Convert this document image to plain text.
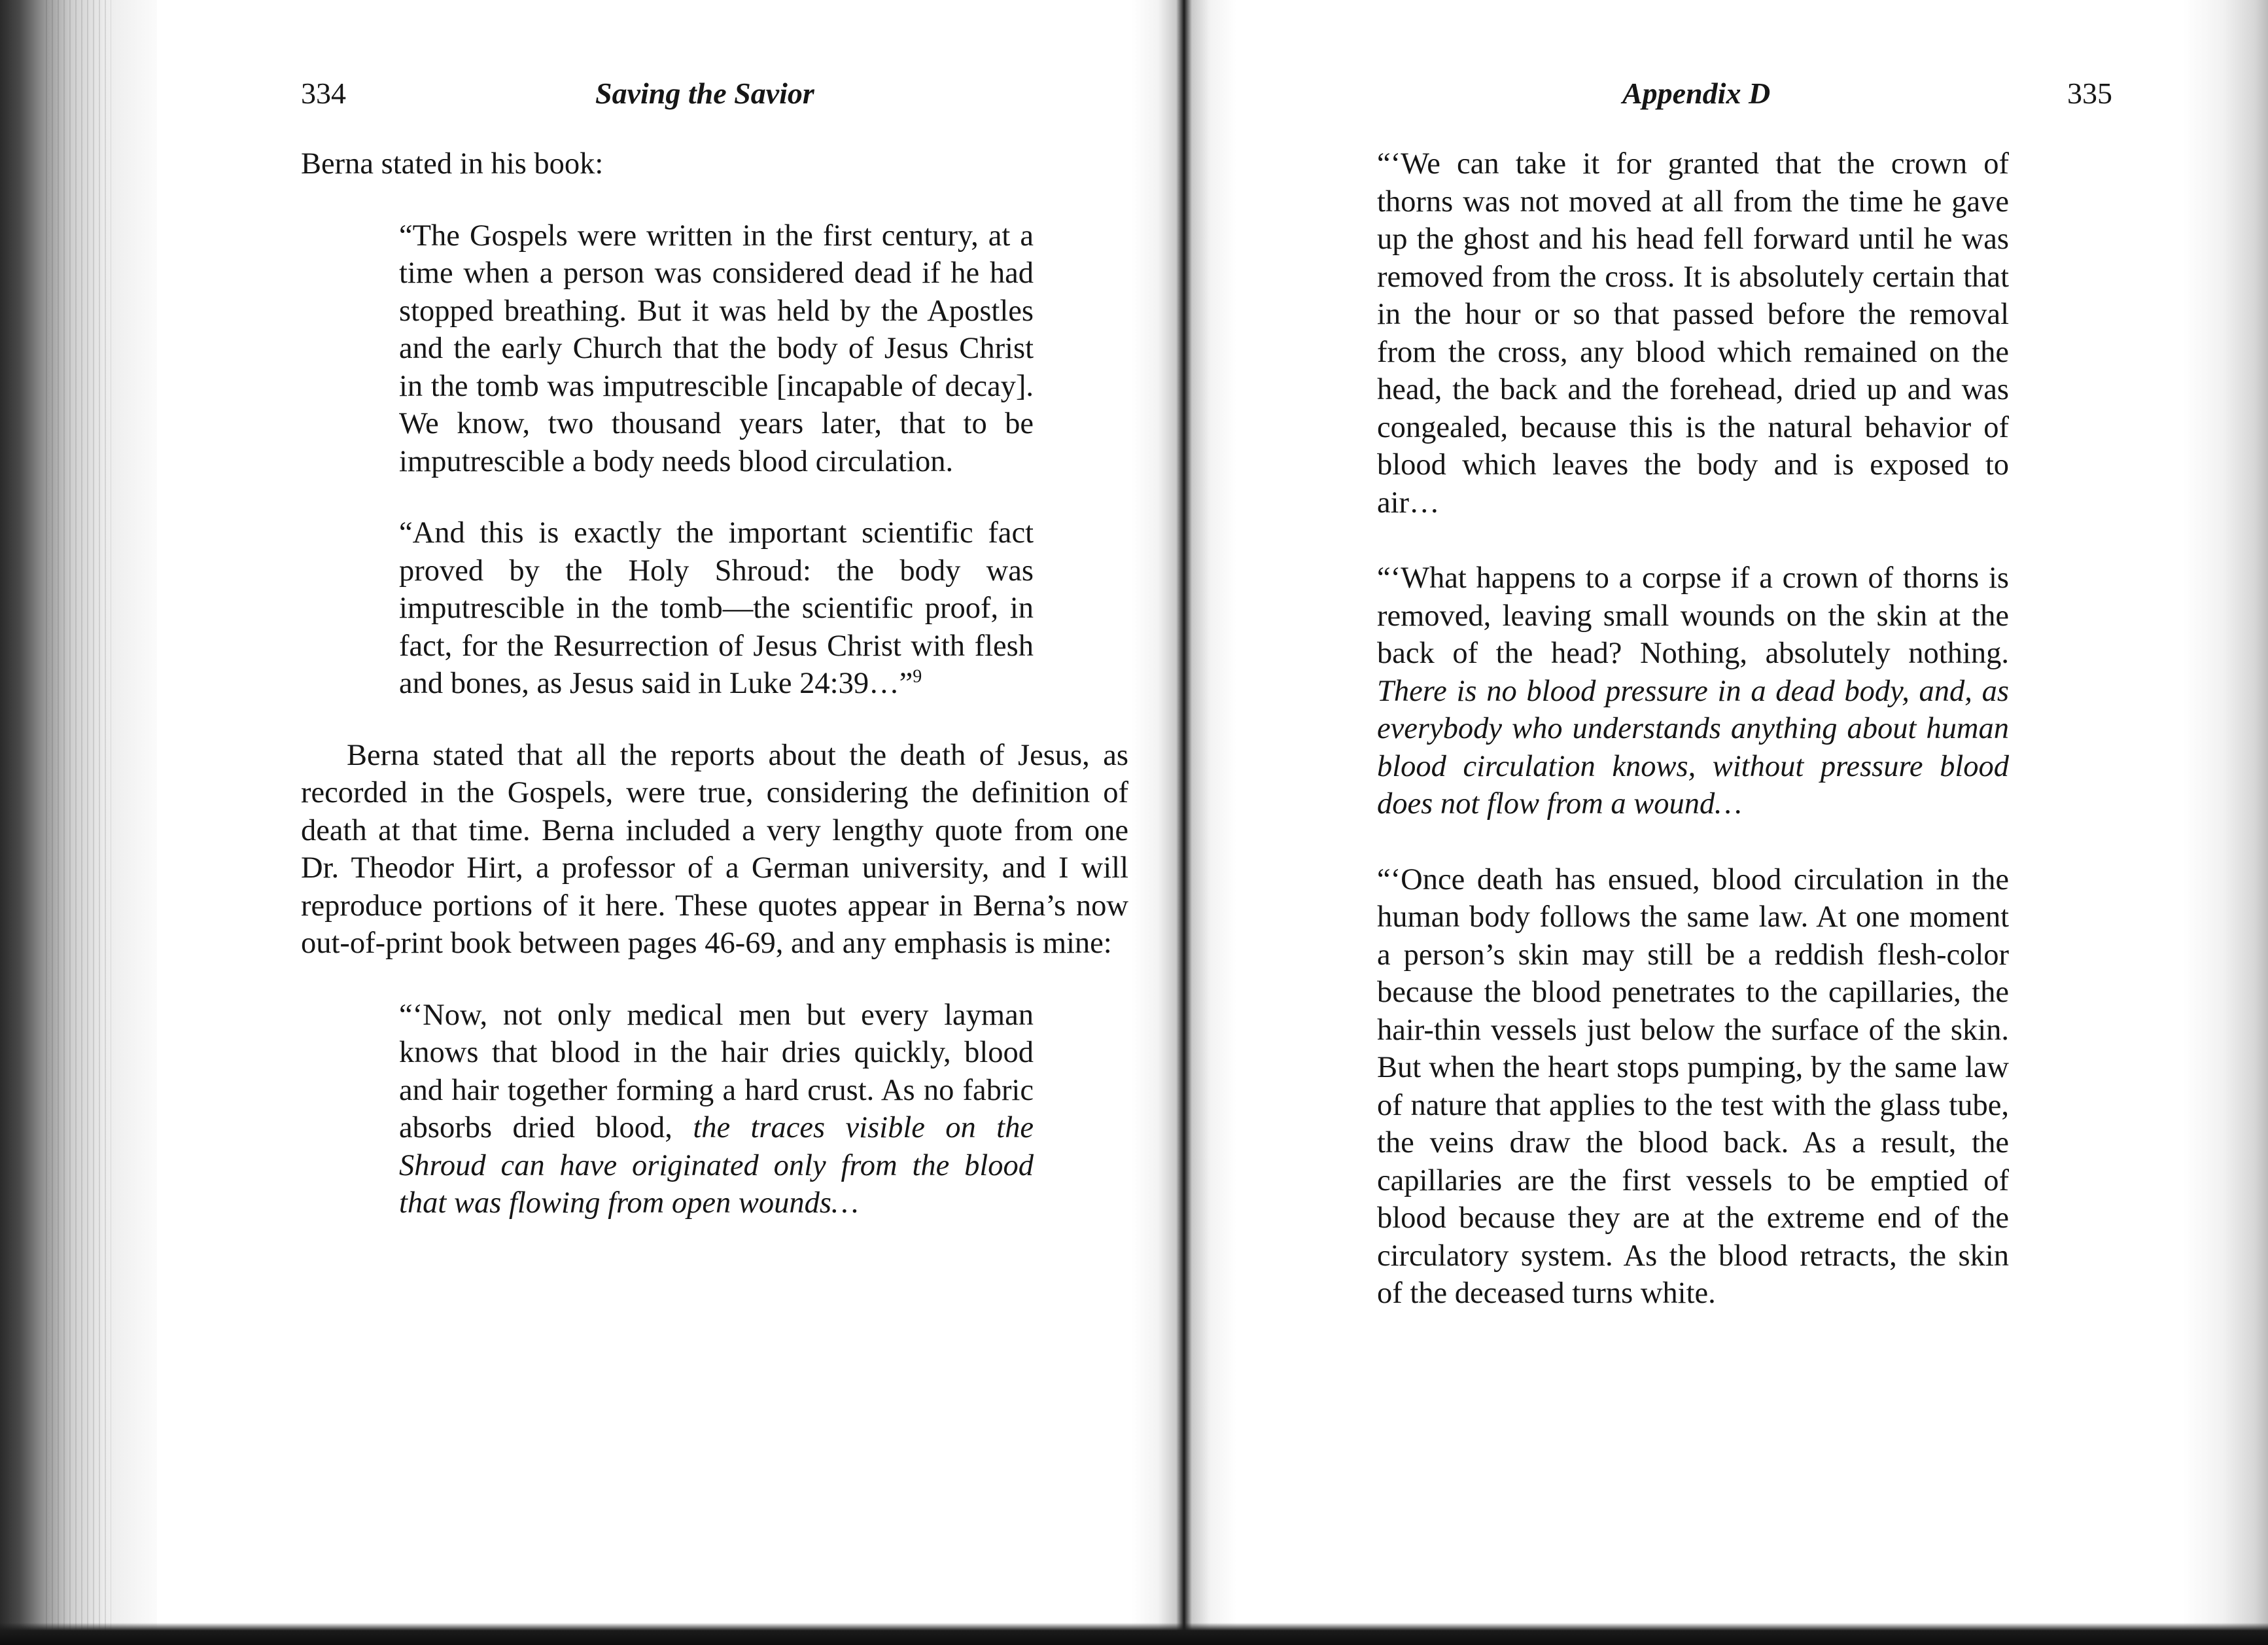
334	Saving the Savior

Berna stated in his book:

“The Gospels were written in the first century, at a time when a person was considered dead if he had stopped breathing. But it was held by the Apostles and the early Church that the body of Jesus Christ in the tomb was imputrescible [incapable of decay]. We know, two thousand years later, that to be imputrescible a body needs blood circulation.

“And this is exactly the important scientific fact proved by the Holy Shroud: the body was imputrescible in the tomb—the scientific proof, in fact, for the Resurrection of Jesus Christ with flesh and bones, as Jesus said in Luke 24:39…”$^9$

Berna stated that all the reports about the death of Jesus, as recorded in the Gospels, were true, considering the definition of death at that time. Berna included a very lengthy quote from one Dr. Theodor Hirt, a professor of a German university, and I will reproduce portions of it here. These quotes appear in Berna’s now out-of-print book between pages 46-69, and any emphasis is mine:

“‘Now, not only medical men but every layman knows that blood in the hair dries quickly, blood and hair together forming a hard crust. As no fabric absorbs dried blood, the traces visible on the Shroud can have originated only from the blood that was flowing from open wounds…

Appendix D	335

“‘We can take it for granted that the crown of thorns was not moved at all from the time he gave up the ghost and his head fell forward until he was removed from the cross. It is absolutely certain that in the hour or so that passed before the removal from the cross, any blood which remained on the head, the back and the forehead, dried up and was congealed, because this is the natural behavior of blood which leaves the body and is exposed to air…

“‘What happens to a corpse if a crown of thorns is removed, leaving small wounds on the skin at the back of the head? Nothing, absolutely nothing. There is no blood pressure in a dead body, and, as everybody who understands anything about human blood circulation knows, without pressure blood does not flow from a wound…

“‘Once death has ensued, blood circulation in the human body follows the same law. At one moment a person’s skin may still be a reddish flesh-color because the blood penetrates to the capillaries, the hair-thin vessels just below the surface of the skin. But when the heart stops pumping, by the same law of nature that applies to the test with the glass tube, the veins draw the blood back. As a result, the capillaries are the first vessels to be emptied of blood because they are at the extreme end of the circulatory system. As the blood retracts, the skin of the deceased turns white.
